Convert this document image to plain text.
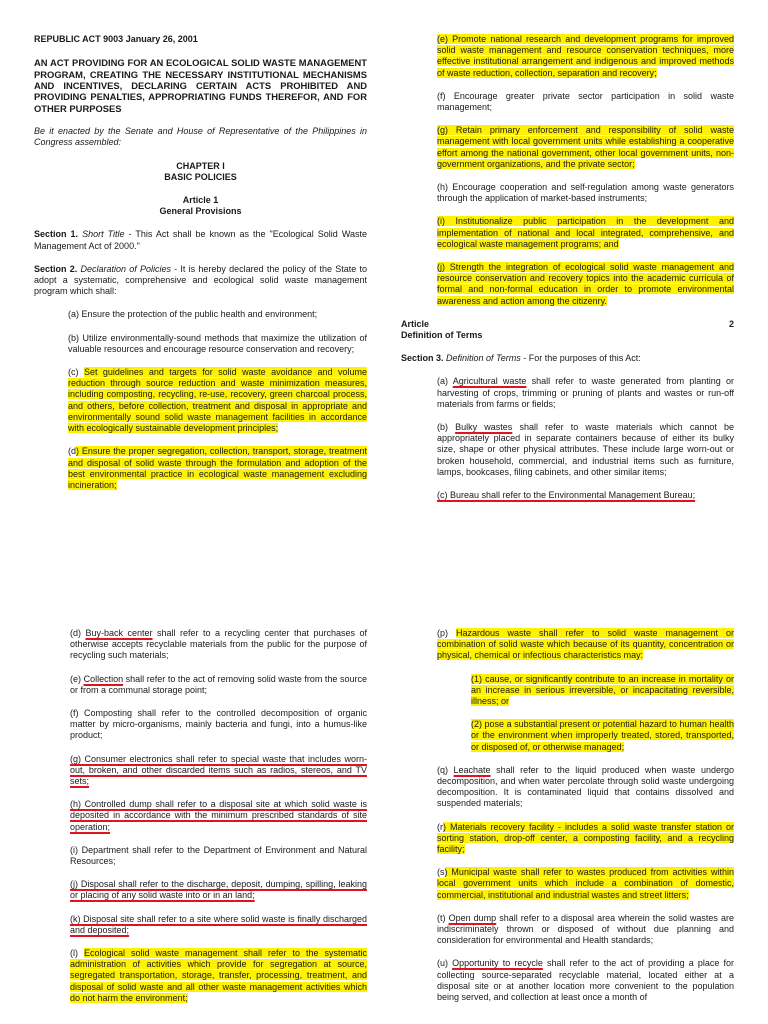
REPUBLIC ACT 9003 January 26, 2001

AN ACT PROVIDING FOR AN ECOLOGICAL SOLID WASTE MANAGEMENT PROGRAM, CREATING THE NECESSARY INSTITUTIONAL MECHANISMS AND INCENTIVES, DECLARING CERTAIN ACTS PROHIBITED AND PROVIDING PENALTIES, APPROPRIATING FUNDS THEREFOR, AND FOR OTHER PURPOSES

Be it enacted by the Senate and House of Representative of the Philippines in Congress assembled:

CHAPTER I

BASIC POLICIES

Article 1

General Provisions

Section 1. Short Title - This Act shall be known as the "Ecological Solid Waste Management Act of 2000."

Section 2. Declaration of Policies - It is hereby declared the policy of the State to adopt a systematic, comprehensive and ecological solid waste management program which shall:

(a) Ensure the protection of the public health and environment;

(b) Utilize environmentally-sound methods that maximize the utilization of valuable resources and encourage resource conservation and recovery;

(c) Set guidelines and targets for solid waste avoidance and volume reduction through source reduction and waste minimization measures, including composting, recycling, re-use, recovery, green charcoal process, and others, before collection, treatment and disposal in appropriate and environmentally sound solid waste management facilities in accordance with ecologically sustainable development principles;

(d) Ensure the proper segregation, collection, transport, storage, treatment and disposal of solid waste through the formulation and adoption of the best environmental practice in ecological waste management excluding incineration;

(e) Promote national research and development programs for improved solid waste management and resource conservation techniques, more effective institutional arrangement and indigenous and improved methods of waste reduction, collection, separation and recovery;

(f) Encourage greater private sector participation in solid waste management;

(g) Retain primary enforcement and responsibility of solid waste management with local government units while establishing a cooperative effort among the national government, other local government units, non- government organizations, and the private sector;

(h) Encourage cooperation and self-regulation among waste generators through the application of market-based instruments;

(i) Institutionalize public participation in the development and implementation of national and local integrated, comprehensive, and ecological waste management programs; and

(j) Strength the integration of ecological solid waste management and resource conservation and recovery topics into the academic curricula of formal and non-formal education in order to promote environmental awareness and action among the citizenry.

Article	2

Definition of Terms

Section 3. Definition of Terms - For the purposes of this Act:

(a) Agricultural waste shall refer to waste generated from planting or harvesting of crops, trimming or pruning of plants and wastes or run-off materials from farms or fields;

(b) Bulky wastes shall refer to waste materials which cannot be appropriately placed in separate containers because of either its bulky size, shape or other physical attributes. These include large worn-out or broken household, commercial, and industrial items such as furniture, lamps, bookcases, filing cabinets, and other similar items;

(c) Bureau shall refer to the Environmental Management Bureau;

(d) Buy-back center shall refer to a recycling center that purchases of otherwise accepts recyclable materials from the public for the purpose of recycling such materials;

(e) Collection shall refer to the act of removing solid waste from the source or from a communal storage point;

(f) Composting shall refer to the controlled decomposition of organic matter by micro-organisms, mainly bacteria and fungi, into a humus-like product;

(g) Consumer electronics shall refer to special waste that includes worn-out, broken, and other discarded items such as radios, stereos, and TV sets;

(h) Controlled dump shall refer to a disposal site at which solid waste is deposited in accordance with the minimum prescribed standards of site operation;

(i) Department shall refer to the Department of Environment and Natural Resources;

(j) Disposal shall refer to the discharge, deposit, dumping, spilling, leaking or placing of any solid waste into or in an land;

(k) Disposal site shall refer to a site where solid waste is finally discharged and deposited;

(l) Ecological solid waste management shall refer to the systematic administration of activities which provide for segregation at source, segregated transportation, storage, transfer, processing, treatment, and disposal of solid waste and all other waste management activities which do not harm the environment;

(p) Hazardous waste shall refer to solid waste management or combination of solid waste which because of its quantity, concentration or physical, chemical or infectious characteristics may:

(1) cause, or significantly contribute to an increase in mortality or an increase in serious irreversible, or incapacitating reversible, illness; or

(2) pose a substantial present or potential hazard to human health or the environment when improperly treated, stored, transported, or disposed of, or otherwise managed;

(q) Leachate shall refer to the liquid produced when waste undergo decomposition, and when water percolate through solid waste undergoing decomposition. It is contaminated liquid that contains dissolved and suspended materials;

(r) Materials recovery facility - includes a solid waste transfer station or sorting station, drop-off center, a composting facility, and a recycling facility;

(s) Municipal waste shall refer to wastes produced from activities within local government units which include a combination of domestic, commercial, institutional and industrial wastes and street litters;

(t) Open dump shall refer to a disposal area wherein the solid wastes are indiscriminately thrown or disposed of without due planning and consideration for environmental and Health standards;

(u) Opportunity to recycle shall refer to the act of providing a place for collecting source-separated recyclable material, located either at a disposal site or at another location more convenient to the population being served, and collection at least once a month of
